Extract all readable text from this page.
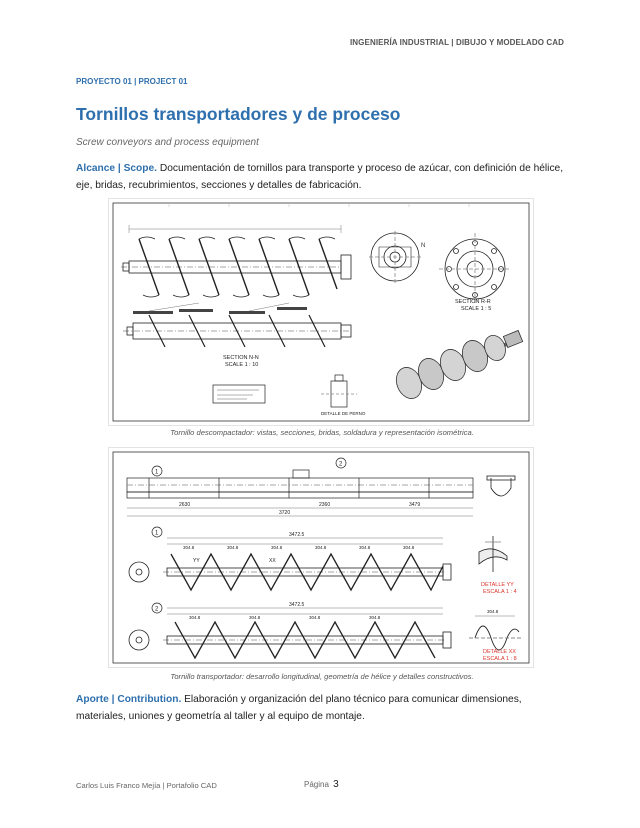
INGENIERÍA INDUSTRIAL | DIBUJO Y MODELADO CAD
PROYECTO 01 | PROJECT 01
Tornillos transportadores y de proceso
Screw conveyors and process equipment

Alcance | Scope. Documentación de tornillos para transporte y proceso de azúcar, con definición de hélice, eje, bridas, recubrimientos, secciones y detalles de fabricación.

N
SECTION R-R
SCALE 1 : 5
SECTION N-N
SCALE 1 : 10
DETALLE DE PERNO
Tornillo descompactador: vistas, secciones, bridas, soldadura y representación isométrica.
1
2
2630	2360	3479
3720
3472.5
304.8	304.8	304.8	304.8	304.8	304.8
YY	XX
DETALLE YY
ESCALA 1 : 4
3472.5
304.8	304.8	304.8	304.8
304.8
DETALLE XX
ESCALA 1 : 8
1
2
Tornillo transportador: desarrollo longitudinal, geometría de hélice y detalles constructivos.

Aporte | Contribution. Elaboración y organización del plano técnico para comunicar dimensiones, materiales, uniones y geometría al taller y al equipo de montaje.

Carlos Luis Franco Mejía | Portafolio CAD	Página 3
